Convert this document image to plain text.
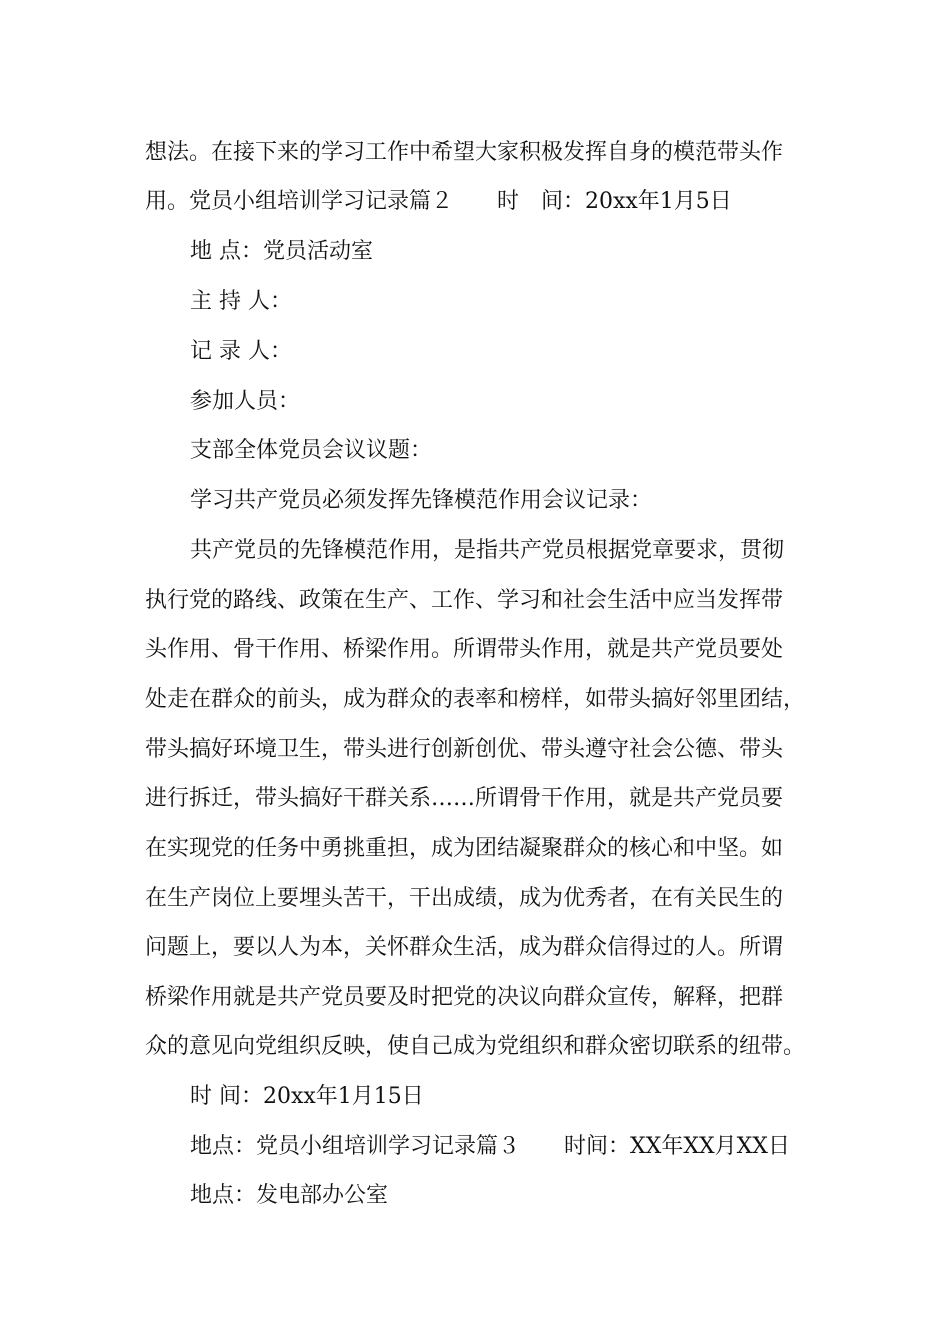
想法。在接下来的学习工作中希望大家积极发挥自身的模范带头作
用。党员小组培训学习记录篇２　　时　间：20xx年1月5日
地 点：党员活动室
主 持 人：
记 录 人：
参加人员：
支部全体党员会议议题：
学习共产党员必须发挥先锋模范作用会议记录：
共产党员的先锋模范作用，是指共产党员根据党章要求，贯彻
执行党的路线、政策在生产、工作、学习和社会生活中应当发挥带
头作用、骨干作用、桥梁作用。所谓带头作用，就是共产党员要处
处走在群众的前头，成为群众的表率和榜样，如带头搞好邻里团结，
带头搞好环境卫生，带头进行创新创优、带头遵守社会公德、带头
进行拆迁，带头搞好干群关系……所谓骨干作用，就是共产党员要
在实现党的任务中勇挑重担，成为团结凝聚群众的核心和中坚。如
在生产岗位上要埋头苦干，干出成绩，成为优秀者，在有关民生的
问题上，要以人为本，关怀群众生活，成为群众信得过的人。所谓
桥梁作用就是共产党员要及时把党的决议向群众宣传，解释，把群
众的意见向党组织反映，使自己成为党组织和群众密切联系的纽带。
时 间：20xx年1月15日
地点：党员小组培训学习记录篇３　　时间：XX年XX月XX日
地点：发电部办公室
